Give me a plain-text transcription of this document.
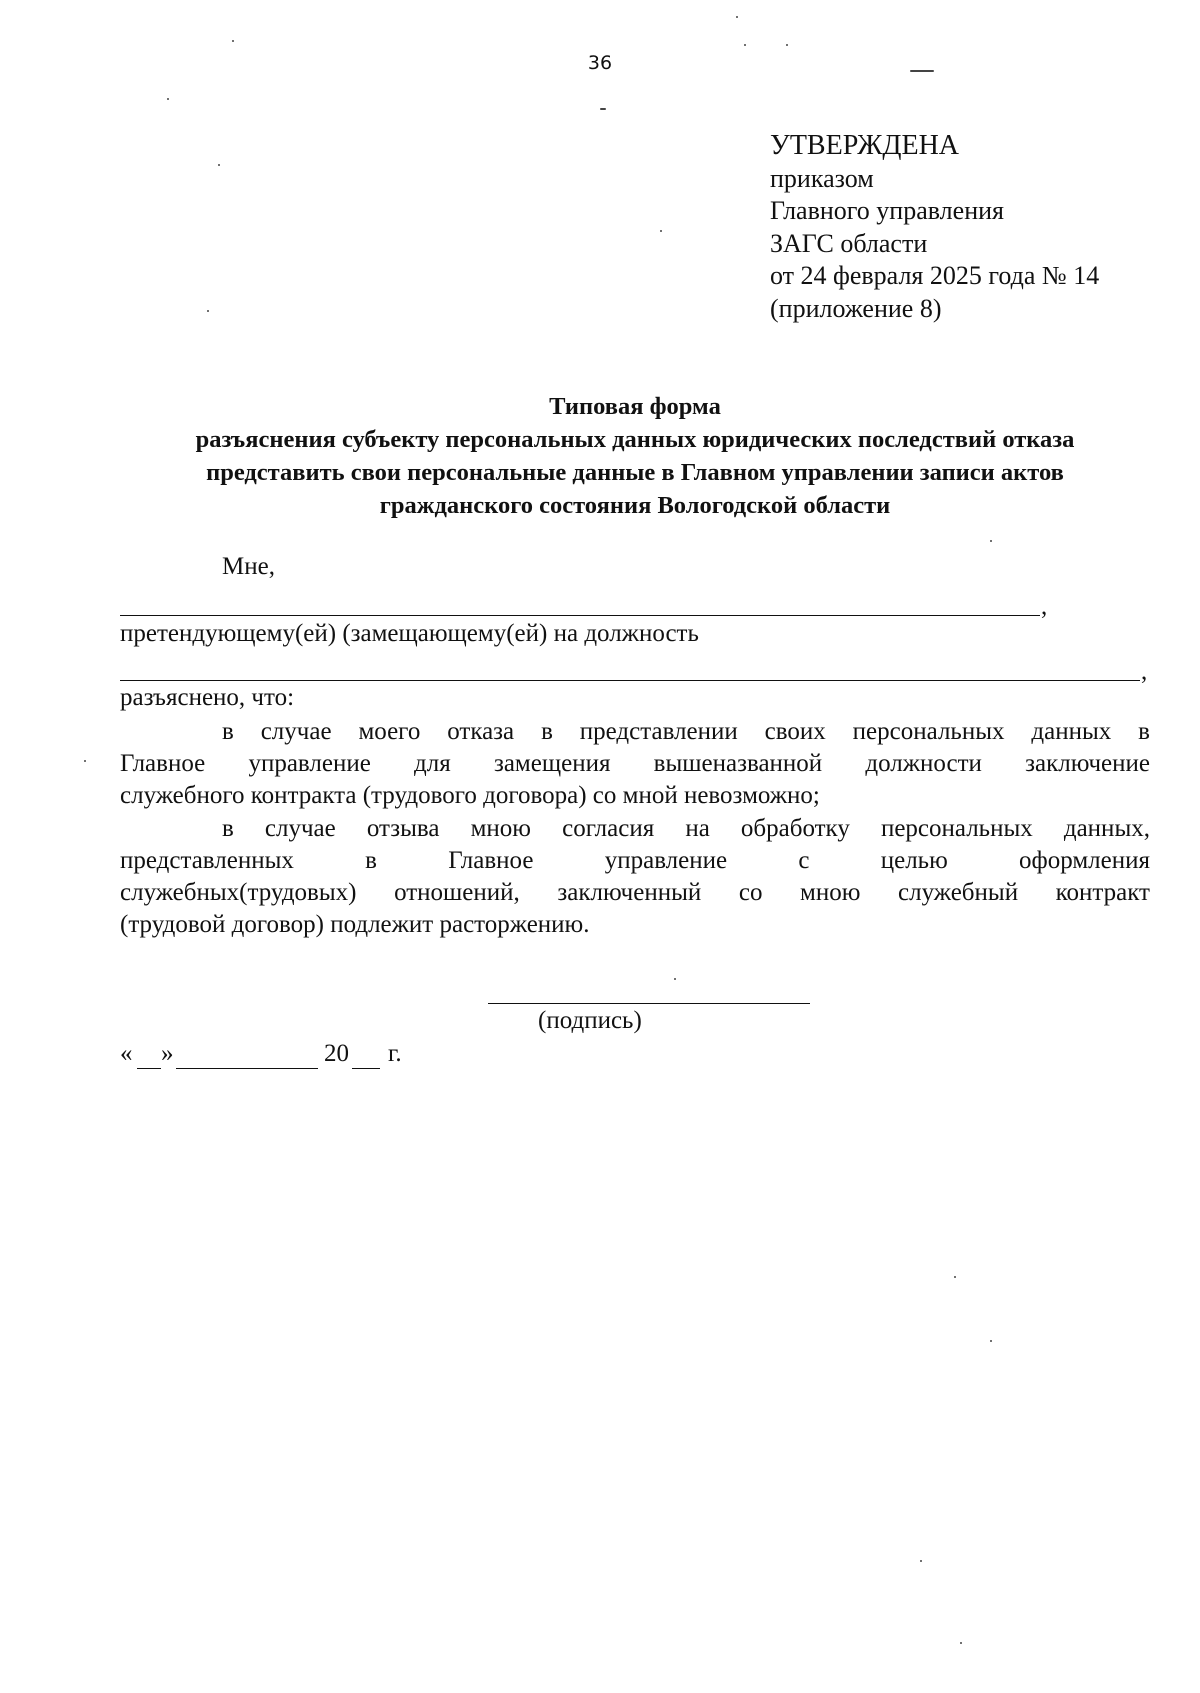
36
УТВЕРЖДЕНА
приказом
Главного управления
ЗАГС области
от 24 февраля 2025 года № 14
(приложение 8)
Типовая форма
разъяснения субъекту персональных данных юридических последствий отказа
представить свои персональные данные в Главном управлении записи актов
гражданского состояния Вологодской области
Мне,
,
претендующему(ей) (замещающему(ей) на должность
,
разъяснено, что:
в случае моего отказа в представлении своих персональных данных в
Главное управление для замещения вышеназванной должности заключение
служебного контракта (трудового договора) со мной невозможно;
в случае отзыва мною согласия на обработку персональных данных,
представленных в Главное управление с целью оформления
служебных(трудовых) отношений, заключенный со мною служебный контракт
(трудовой договор) подлежит расторжению.
(подпись)
« »	20 г.
